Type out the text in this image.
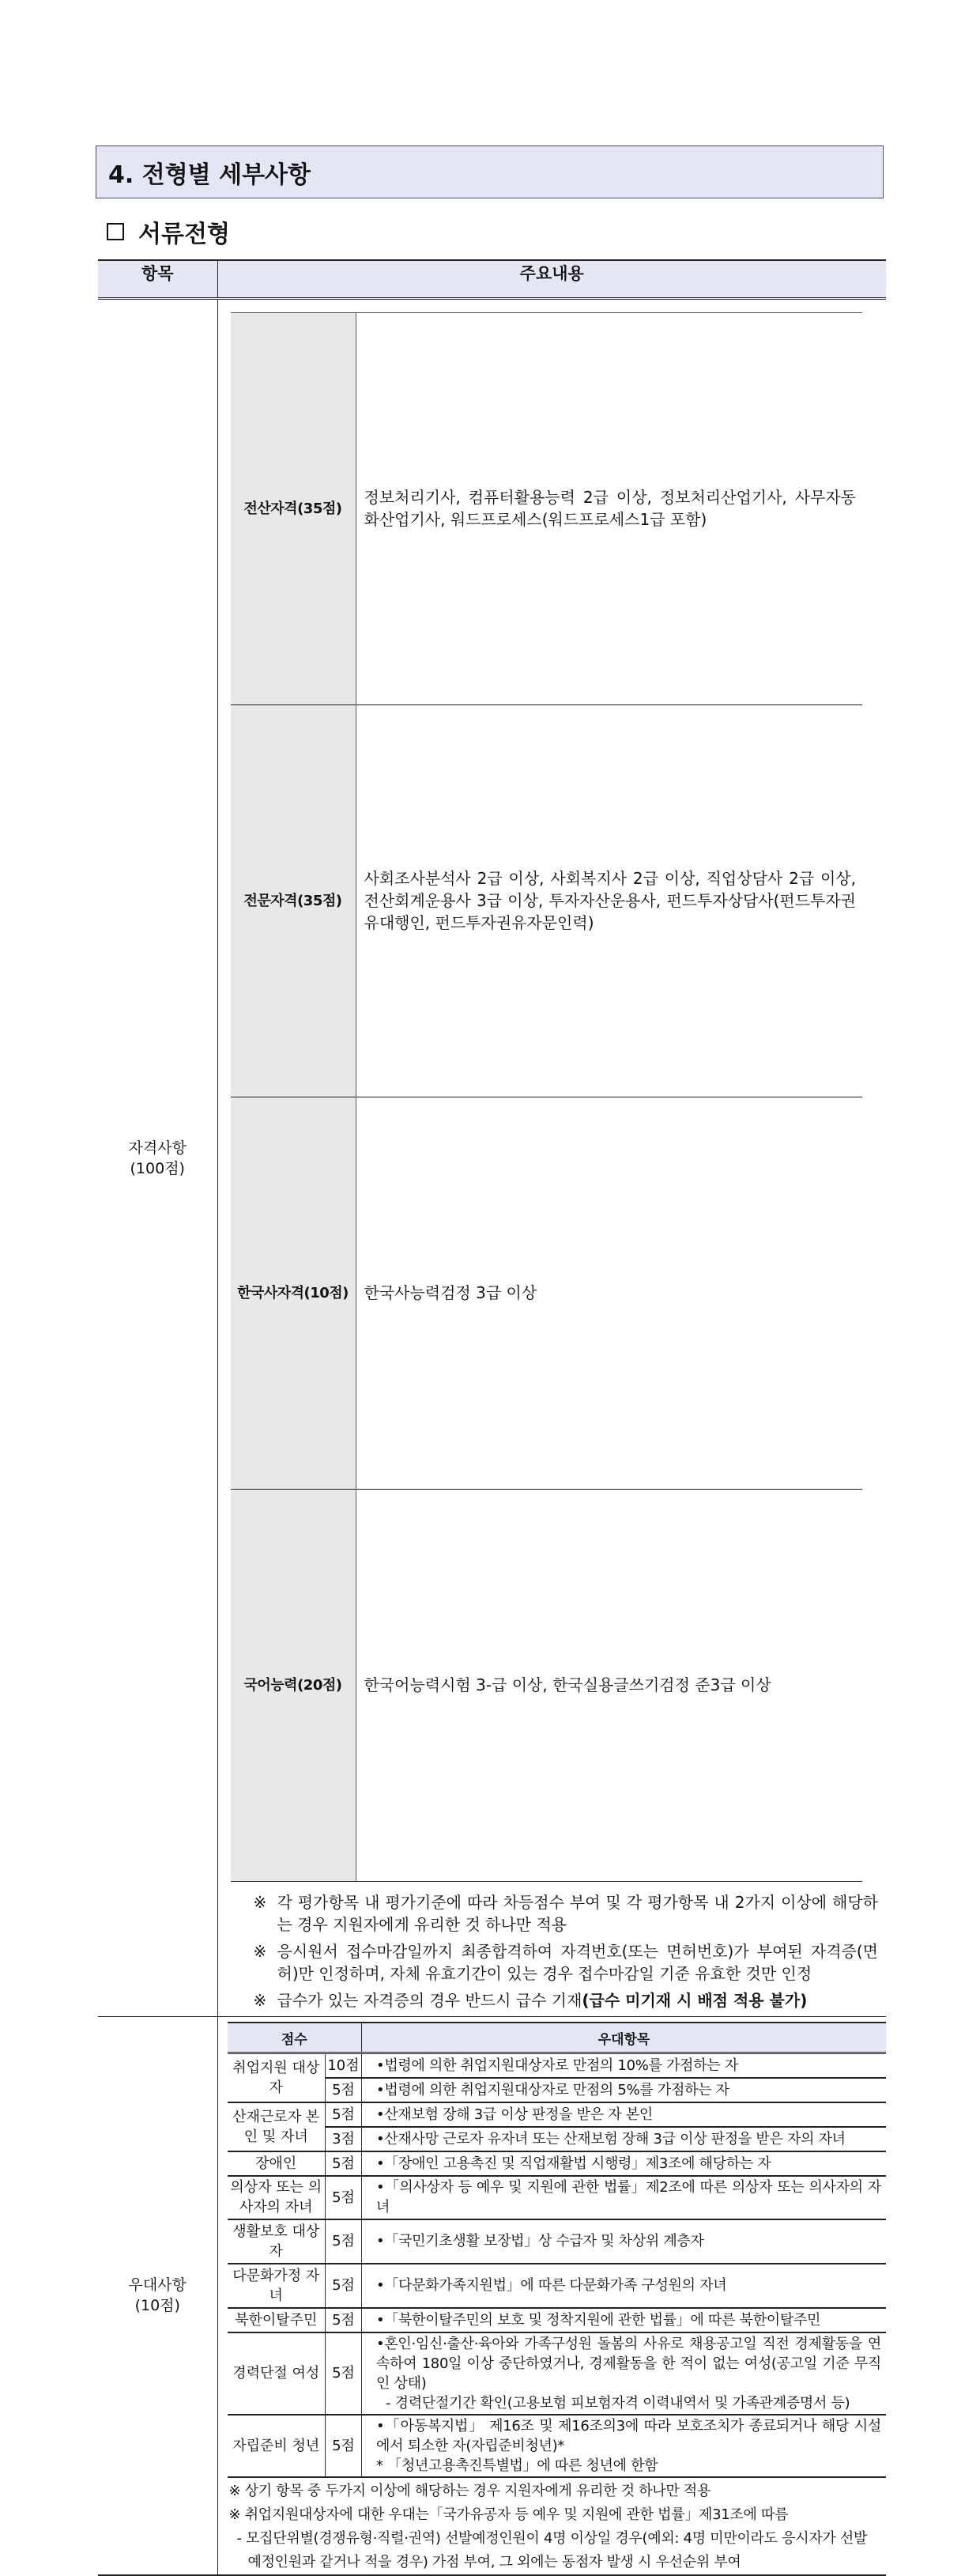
4. 전형별 세부사항
서류전형
항목	주요내용

자격사항
(100점)

전산자격(35점)	정보처리기사, 컴퓨터활용능력 2급 이상, 정보처리산업기사, 사무자동화산업기사, 워드프로세스(워드프로세스1급 포함)
전문자격(35점)	사회조사분석사 2급 이상, 사회복지사 2급 이상, 직업상담사 2급 이상, 전산회계운용사 3급 이상, 투자자산운용사, 펀드투자상담사(펀드투자권유대행인, 펀드투자권유자문인력)
한국사자격(10점)	한국사능력검정 3급 이상
국어능력(20점)	한국어능력시험 3-급 이상, 한국실용글쓰기검정 준3급 이상
※ 각 평가항목 내 평가기준에 따라 차등점수 부여 및 각 평가항목 내 2가지 이상에 해당하는 경우 지원자에게 유리한 것 하나만 적용
※ 응시원서 접수마감일까지 최종합격하여 자격번호(또는 면허번호)가 부여된 자격증(면허)만 인정하며, 자체 유효기간이 있는 경우 접수마감일 기준 유효한 것만 인정
※ 급수가 있는 자격증의 경우 반드시 급수 기재(급수 미기재 시 배점 적용 불가)

우대사항
(10점)

점수	우대항목
취업지원 대상자	10점	•법령에 의한 취업지원대상자로 만점의 10%를 가점하는 자
5점	•법령에 의한 취업지원대상자로 만점의 5%를 가점하는 자
산재근로자 본인 및 자녀	5점	•산재보험 장해 3급 이상 판정을 받은 자 본인
3점	•산재사망 근로자 유자녀 또는 산재보험 장해 3급 이상 판정을 받은 자의 자녀
장애인	5점	•「장애인 고용촉진 및 직업재활법 시행령」제3조에 해당하는 자
의상자 또는 의사자의 자녀	5점	•「의사상자 등 예우 및 지원에 관한 법률」제2조에 따른 의상자 또는 의사자의 자녀
생활보호 대상자	5점	•「국민기초생활 보장법」상 수급자 및 차상위 계층자
다문화가정 자녀	5점	•「다문화가족지원법」에 따른 다문화가족 구성원의 자녀
북한이탈주민	5점	•「북한이탈주민의 보호 및 정착지원에 관한 법률」에 따른 북한이탈주민
경력단절 여성	5점	
•혼인·임신·출산·육아와 가족구성원 돌봄의 사유로 채용공고일 직전 경제활동을 연속하여 180일 이상 중단하였거나, 경제활동을 한 적이 없는 여성(공고일 기준 무직인 상태)
- 경력단절기간 확인(고용보험 피보험자격 이력내역서 및 가족관계증명서 등)

자립준비 청년	5점	
•「아동복지법」 제16조 및 제16조의3에 따라 보호조치가 종료되거나 해당 시설에서 퇴소한 자(자립준비청년)*
* 「청년고용촉진특별법」에 따른 청년에 한함
※ 상기 항목 중 두가지 이상에 해당하는 경우 지원자에게 유리한 것 하나만 적용
※ 취업지원대상자에 대한 우대는「국가유공자 등 예우 및 지원에 관한 법률」제31조에 따름
- 모집단위별(경쟁유형·직렬·권역) 선발예정인원이 4명 이상일 경우(예외: 4명 미만이라도 응시자가 선발예정인원과 같거나 적을 경우) 가점 부여, 그 외에는 동점자 발생 시 우선순위 부여
